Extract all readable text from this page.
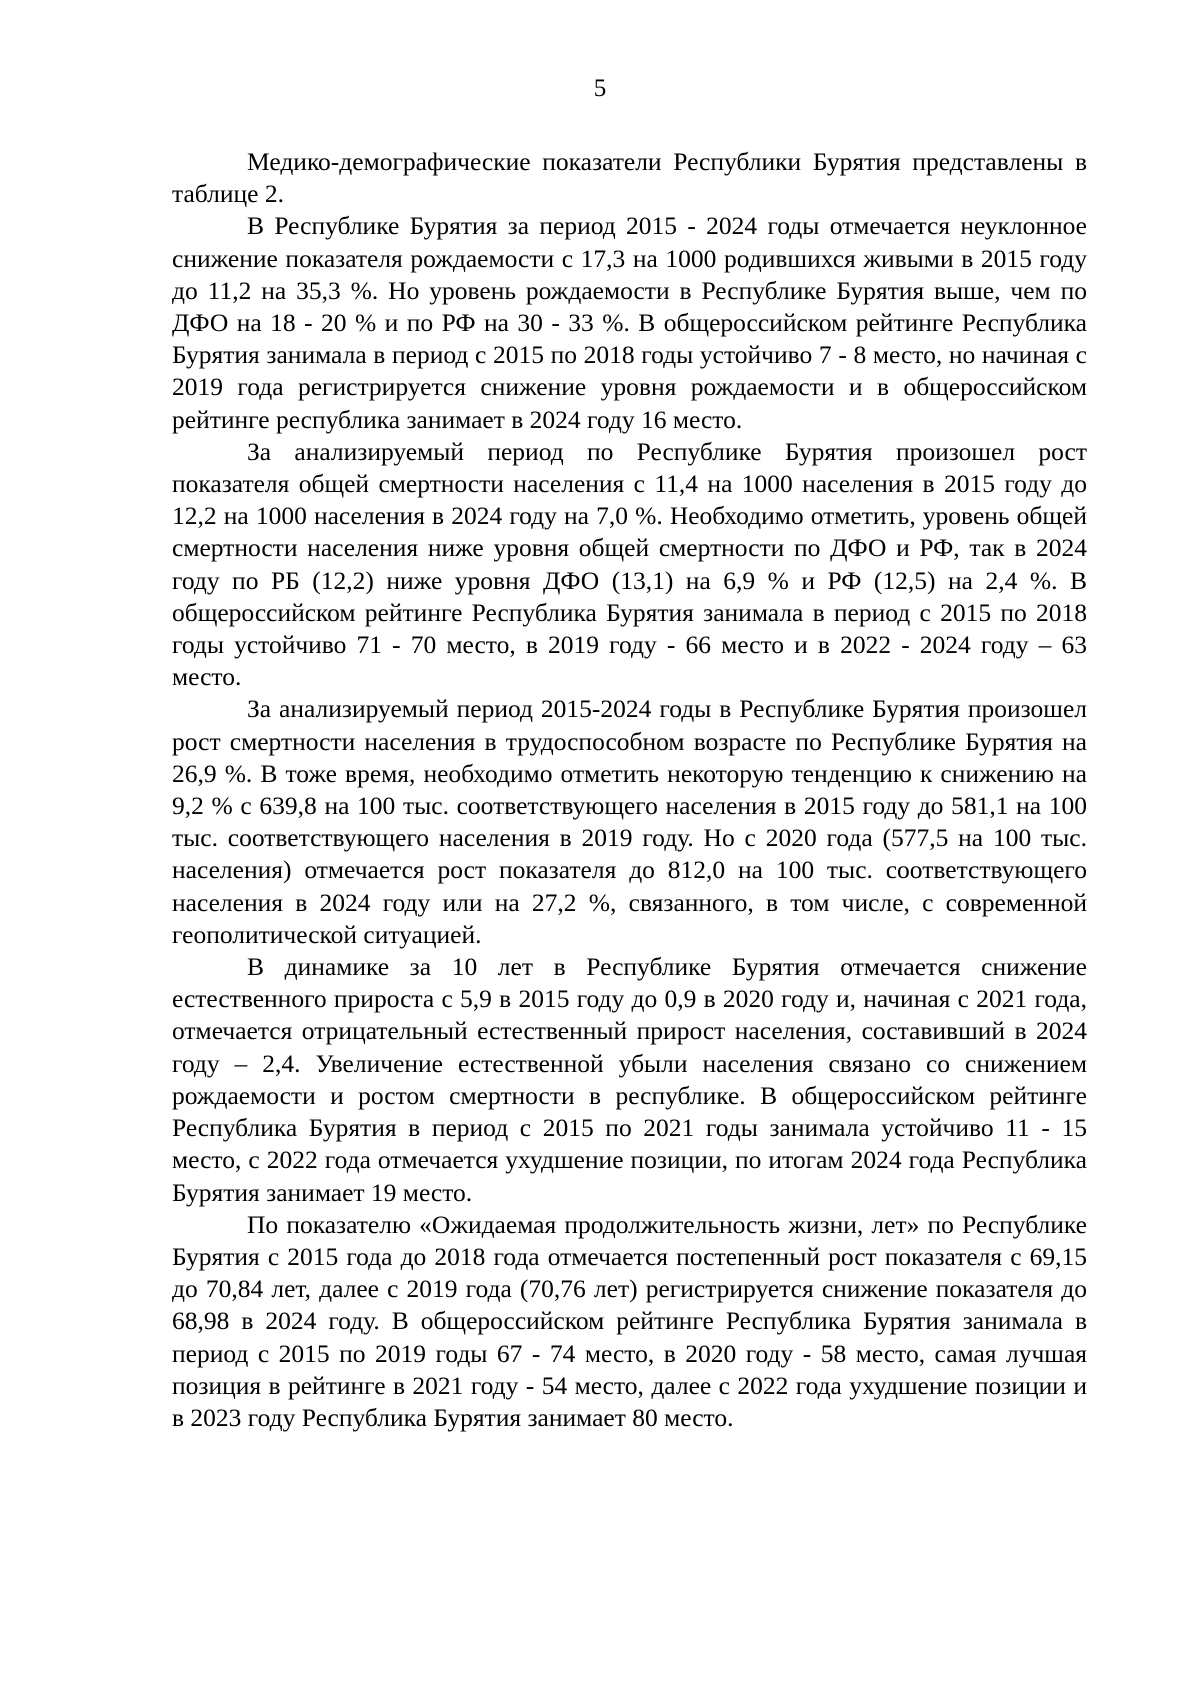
5

Медико-демографические показатели Республики Бурятия представлены в таблице 2.

В Республике Бурятия за период 2015 - 2024 годы отмечается неуклонное снижение показателя рождаемости с 17,3 на 1000 родившихся живыми в 2015 году до 11,2 на 35,3 %. Но уровень рождаемости в Республике Бурятия выше, чем по ДФО на 18 - 20 % и по РФ на 30 - 33 %. В общероссийском рейтинге Республика Бурятия занимала в период с 2015 по 2018 годы устойчиво 7 - 8 место, но начиная с 2019 года регистрируется снижение уровня рождаемости и в общероссийском рейтинге республика занимает в 2024 году 16 место.

За анализируемый период по Республике Бурятия произошел рост показателя общей смертности населения с 11,4 на 1000 населения в 2015 году до 12,2 на 1000 населения в 2024 году на 7,0 %. Необходимо отметить, уровень общей смертности населения ниже уровня общей смертности по ДФО и РФ, так в 2024 году по РБ (12,2) ниже уровня ДФО (13,1) на 6,9 % и РФ (12,5) на 2,4 %. В общероссийском рейтинге Республика Бурятия занимала в период с 2015 по 2018 годы устойчиво 71 - 70 место, в 2019 году - 66 место и в 2022 - 2024 году – 63 место.

За анализируемый период 2015-2024 годы в Республике Бурятия произошел рост смертности населения в трудоспособном возрасте по Республике Бурятия на 26,9 %. В тоже время, необходимо отметить некоторую тенденцию к снижению на 9,2 % с 639,8 на 100 тыс. соответствующего населения в 2015 году до 581,1 на 100 тыс. соответствующего населения в 2019 году. Но с 2020 года (577,5 на 100 тыс. населения) отмечается рост показателя до 812,0 на 100 тыс. соответствующего населения в 2024 году или на 27,2 %, связанного, в том числе, с современной геополитической ситуацией.

В динамике за 10 лет в Республике Бурятия отмечается снижение естественного прироста с 5,9 в 2015 году до 0,9 в 2020 году и, начиная с 2021 года, отмечается отрицательный естественный прирост населения, составивший в 2024 году – 2,4. Увеличение естественной убыли населения связано со снижением рождаемости и ростом смертности в республике. В общероссийском рейтинге Республика Бурятия в период с 2015 по 2021 годы занимала устойчиво 11 - 15 место, с 2022 года отмечается ухудшение позиции, по итогам 2024 года Республика Бурятия занимает 19 место.

По показателю «Ожидаемая продолжительность жизни, лет» по Республике Бурятия с 2015 года до 2018 года отмечается постепенный рост показателя с 69,15 до 70,84 лет, далее с 2019 года (70,76 лет) регистрируется снижение показателя до 68,98 в 2024 году. В общероссийском рейтинге Республика Бурятия занимала в период с 2015 по 2019 годы 67 - 74 место, в 2020 году - 58 место, самая лучшая позиция в рейтинге в 2021 году - 54 место, далее с 2022 года ухудшение позиции и в 2023 году Республика Бурятия занимает 80 место.
